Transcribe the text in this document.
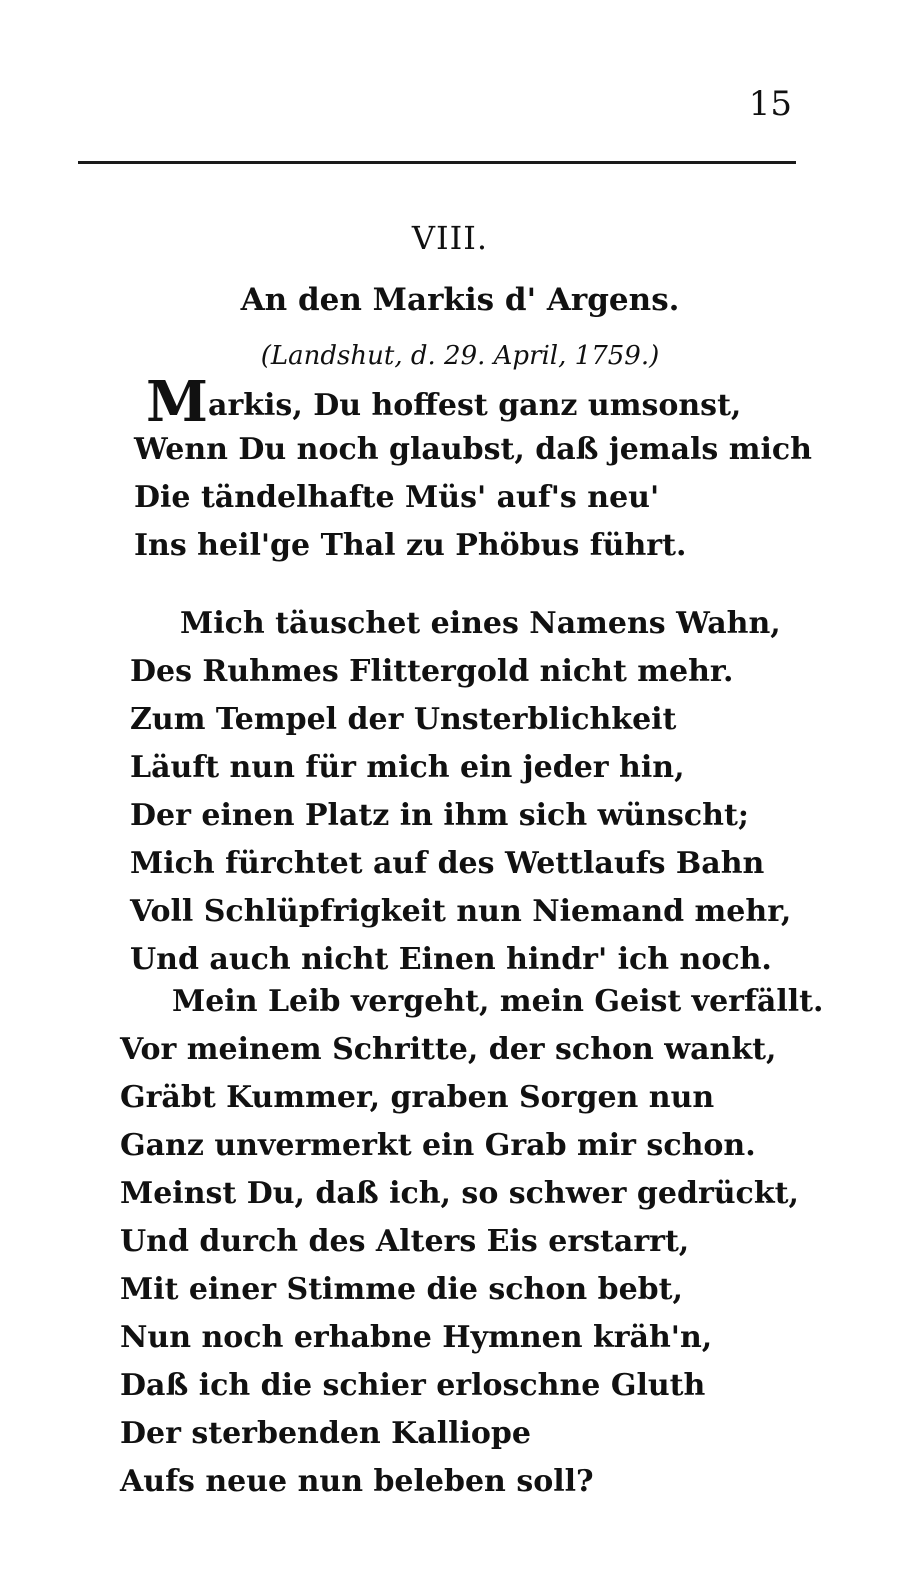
15
VIII.
An den Markis d' Argens.
(Landshut, d. 29. April, 1759.)
Markis, Du hoffest ganz umsonst,
Wenn Du noch glaubst, daß jemals mich
Die tändelhafte Müs' auf's neu'
Ins heil'ge Thal zu Phöbus führt.
Mich täuschet eines Namens Wahn,
Des Ruhmes Flittergold nicht mehr.
Zum Tempel der Unsterblichkeit
Läuft nun für mich ein jeder hin,
Der einen Platz in ihm sich wünscht;
Mich fürchtet auf des Wettlaufs Bahn
Voll Schlüpfrigkeit nun Niemand mehr,
Und auch nicht Einen hindr' ich noch.
Mein Leib vergeht, mein Geist verfällt.
Vor meinem Schritte, der schon wankt,
Gräbt Kummer, graben Sorgen nun
Ganz unvermerkt ein Grab mir schon.
Meinst Du, daß ich, so schwer gedrückt,
Und durch des Alters Eis erstarrt,
Mit einer Stimme die schon bebt,
Nun noch erhabne Hymnen kräh'n,
Daß ich die schier erloschne Gluth
Der sterbenden Kalliope
Aufs neue nun beleben soll?
